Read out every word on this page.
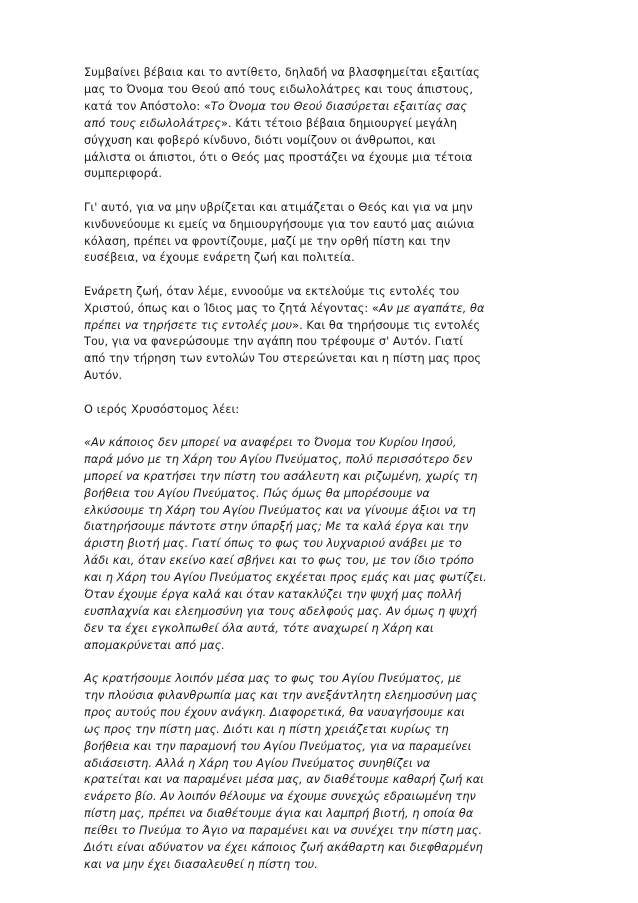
Συμβαίνει βέβαια και το αντίθετο, δηλαδή να βλασφημείται εξαιτίας
μας το Όνομα του Θεού από τους ειδωλολάτρες και τους άπιστους,
κατά τον Απόστολο: «Το Όνομα του Θεού διασύρεται εξαιτίας σας
από τους ειδωλολάτρες». Κάτι τέτοιο βέβαια δημιουργεί μεγάλη
σύγχυση και φοβερό κίνδυνο, διότι νομίζουν οι άνθρωποι, και
μάλιστα οι άπιστοι, ότι ο Θεός μας προστάζει να έχουμε μια τέτοια
συμπεριφορά.

Γι' αυτό, για να μην υβρίζεται και ατιμάζεται ο Θεός και για να μην
κινδυνεύουμε κι εμείς να δημιουργήσουμε για τον εαυτό μας αιώνια
κόλαση, πρέπει να φροντίζουμε, μαζί με την ορθή πίστη και την
ευσέβεια, να έχουμε ενάρετη ζωή και πολιτεία.

Ενάρετη ζωή, όταν λέμε, εννοούμε να εκτελούμε τις εντολές του
Χριστού, όπως και ο Ίδιος μας το ζητά λέγοντας: «Αν με αγαπάτε, θα
πρέπει να τηρήσετε τις εντολές μου». Και θα τηρήσουμε τις εντολές
Του, για να φανερώσουμε την αγάπη που τρέφουμε σ' Αυτόν. Γιατί
από την τήρηση των εντολών Του στερεώνεται και η πίστη μας προς
Αυτόν.

Ο ιερός Χρυσόστομος λέει:

«Αν κάποιος δεν μπορεί να αναφέρει το Όνομα του Κυρίου Ιησού,
παρά μόνο με τη Χάρη του Αγίου Πνεύματος, πολύ περισσότερο δεν
μπορεί να κρατήσει την πίστη του ασάλευτη και ριζωμένη, χωρίς τη
βοήθεια του Αγίου Πνεύματος. Πώς όμως θα μπορέσουμε να
ελκύσουμε τη Χάρη του Αγίου Πνεύματος και να γίνουμε άξιοι να τη
διατηρήσουμε πάντοτε στην ύπαρξή μας; Με τα καλά έργα και την
άριστη βιοτή μας. Γιατί όπως το φως του λυχναριού ανάβει με το
λάδι και, όταν εκείνο καεί σβήνει και το φως του, με τον ίδιο τρόπο
και η Χάρη του Αγίου Πνεύματος εκχέεται προς εμάς και μας φωτίζει.
Όταν έχουμε έργα καλά και όταν κατακλύζει την ψυχή μας πολλή
ευσπλαχνία και ελεημοσύνη για τους αδελφούς μας. Αν όμως η ψυχή
δεν τα έχει εγκολπωθεί όλα αυτά, τότε αναχωρεί η Χάρη και
απομακρύνεται από μας.

Ας κρατήσουμε λοιπόν μέσα μας το φως του Αγίου Πνεύματος, με
την πλούσια φιλανθρωπία μας και την ανεξάντλητη ελεημοσύνη μας
προς αυτούς που έχουν ανάγκη. Διαφορετικά, θα ναυαγήσουμε και
ως προς την πίστη μας. Διότι και η πίστη χρειάζεται κυρίως τη
βοήθεια και την παραμονή του Αγίου Πνεύματος, για να παραμείνει
αδιάσειστη. Αλλά η Χάρη του Αγίου Πνεύματος συνηθίζει να
κρατείται και να παραμένει μέσα μας, αν διαθέτουμε καθαρή ζωή και
ενάρετο βίο. Αν λοιπόν θέλουμε να έχουμε συνεχώς εδραιωμένη την
πίστη μας, πρέπει να διαθέτουμε άγια και λαμπρή βιοτή, η οποία θα
πείθει το Πνεύμα το Άγιο να παραμένει και να συνέχει την πίστη μας.
Διότι είναι αδύνατον να έχει κάποιος ζωή ακάθαρτη και διεφθαρμένη
και να μην έχει διασαλευθεί η πίστη του.
